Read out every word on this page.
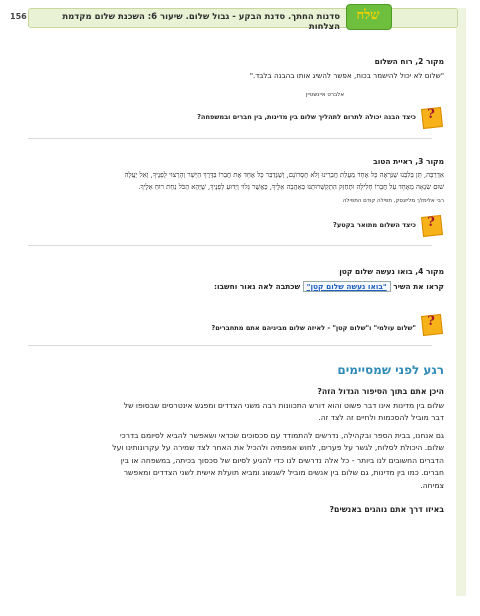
סדנות החתך. סדנת הבקע - גבול שלום. שיעור 6: השכנת שלום מקדמת הצלחות
שלח
156
מקור 2, רוח השלום
"שלום לא יכול להישמר בכוח, אפשר להשיג אותו בהבנה בלבד."
אלברט איינשטיין
?
כיצד הבנה יכולה לתרום לתהליך שלום בין מדינות, בין חברים ובמשפחה?
מקור 3, ראיית הטוב
אַדְרַבָּה, תֵּן בְּלִבֵּנוּ שֶׁנִּרְאֶה כָּל אֶחָד מַעֲלַת חֲבֵרֵינוּ וְלֹא חֶסְרוֹנָם, וְשֶׁנְּדַבֵּר כָּל אֶחָד אֶת חֲבֵרוֹ בַּדֶּרֶךְ הַיָּשָׁר וְהָרָצוּי לְפָנֶיךָ, וְאַל יַעֲלֶה
שׁוּם שִׂנְאָה מֵאֶחָד עַל חֲבֵרוֹ חָלִילָה וּתְחַזֵּק הִתְקַשְּׁרוּתֵנוּ בְּאַהֲבָה אֵלֶיךָ, כַּאֲשֶׁר גָּלוּי וְיָדוּעַ לְפָנֶיךָ, שֶׁיְּהֵא הַכֹּל נַחַת רוּחַ אֵלֶיךָ.
רבי אלימלך מליזנסק, תפילה קודם התפילה
?
כיצד השלום מתואר בקטע?
מקור 4, בואו נעשה שלום קטן
קראו את השיר "בואו נעשה שלום קטן" שכתבה לאה נאור וחשבו:
?
"שלום עולמי" ו"שלום קטן" - לאיזה שלום מביניהם אתם מתחברים?
רגע לפני שמסיימים
היכן אתם בתוך הסיפור הגדול הזה?
שלום בין מדינות אינו דבר פשוט והוא דורש התכוונות רבה משני הצדדים ומפגש אינטרסים שבסופו של
דבר מוביל להסכמות ולחיים זה לצד זה.
גם אנחנו, בבית הספר ובקהילה, נדרשים להתמודד עם סכסוכים שכדאי ושאפשר להביא לסיומם בדרכי
שלום. היכולת לסלוח, לגשר על פערים, לחוש אמפתיה ולהכיל את האחר לצד שמירה על עקרונותינו ועל
הדברים החשובים לנו ביותר - כל אלה נדרשים לנו כדי להגיע לסיום של סכסוך בכיתה, במשפחה או בין
חברים. כמו בין מדינות, גם שלום בין אנשים מוביל לשגשוג ומביא תועלת אישית לשני הצדדים ומאפשר
צמיחה.
באיזו דרך אתם נוהגים באנשים?
